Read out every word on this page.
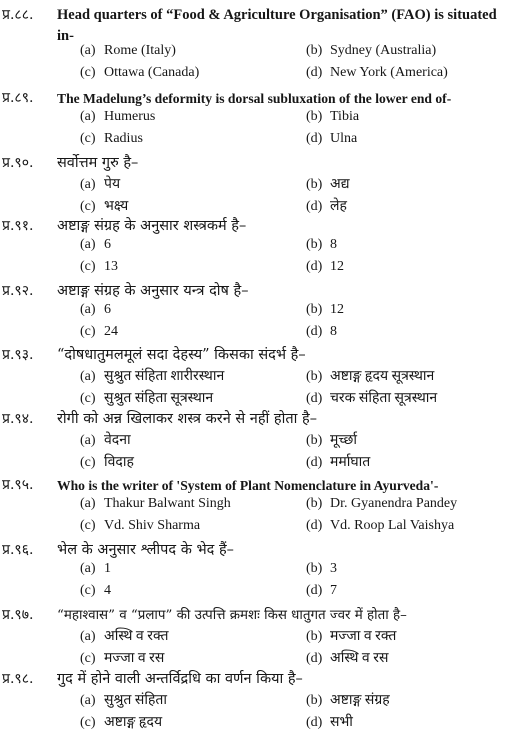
प्र.८८. Head quarters of “Food & Agriculture Organisation” (FAO) is situated in-
(a) Rome (Italy)	(b) Sydney (Australia)
(c) Ottawa (Canada)	(d) New York (America)
प्र.८९. The Madelung’s deformity is dorsal subluxation of the lower end of-
(a) Humerus	(b) Tibia
(c) Radius	(d) Ulna
प्र.९०. सर्वोत्तम गुरु है–
(a) पेय	(b) अद्य
(c) भक्ष्य	(d) लेह
प्र.९१. अष्टाङ्ग संग्रह के अनुसार शस्त्रकर्म है–
(a) 6	(b) 8
(c) 13	(d) 12
प्र.९२. अष्टाङ्ग संग्रह के अनुसार यन्त्र दोष है–
(a) 6	(b) 12
(c) 24	(d) 8
प्र.९३. “दोषधातुमलमूलं सदा देहस्य” किसका संदर्भ है–
(a) सुश्रुत संहिता शारीरस्थान	(b) अष्टाङ्ग हृदय सूत्रस्थान
(c) सुश्रुत संहिता सूत्रस्थान	(d) चरक संहिता सूत्रस्थान
प्र.९४. रोगी को अन्न खिलाकर शस्त्र करने से नहीं होता है–
(a) वेदना	(b) मूर्च्छा
(c) विदाह	(d) मर्माघात
प्र.९५. Who is the writer of 'System of Plant Nomenclature in Ayurveda'-
(a) Thakur Balwant Singh	(b) Dr. Gyanendra Pandey
(c) Vd. Shiv Sharma	(d) Vd. Roop Lal Vaishya
प्र.९६. भेल के अनुसार श्लीपद के भेद हैं–
(a) 1	(b) 3
(c) 4	(d) 7
प्र.९७. “महाश्वास” व “प्रलाप” की उत्पत्ति क्रमशः किस धातुगत ज्वर में होता है–
(a) अस्थि व रक्त	(b) मज्जा व रक्त
(c) मज्जा व रस	(d) अस्थि व रस
प्र.९८. गुद में होने वाली अन्तर्विद्रधि का वर्णन किया है–
(a) सुश्रुत संहिता	(b) अष्टाङ्ग संग्रह
(c) अष्टाङ्ग हृदय	(d) सभी
